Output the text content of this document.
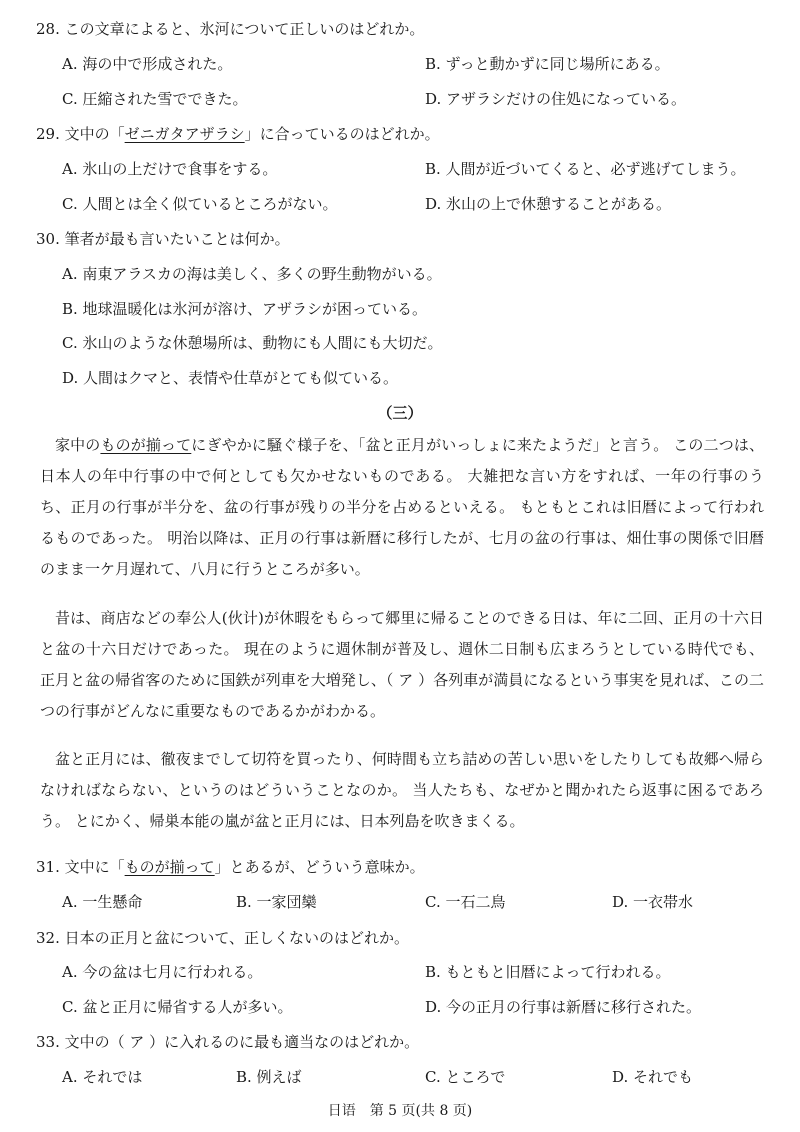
28. この文章によると、氷河について正しいのはどれか。
A. 海の中で形成された。	B. ずっと動かずに同じ場所にある。
C. 圧縮された雪でできた。	D. アザラシだけの住処になっている。
29. 文中の「ゼニガタアザラシ」に合っているのはどれか。
A. 氷山の上だけで食事をする。	B. 人間が近づいてくると、必ず逃げてしまう。
C. 人間とは全く似ているところがない。	D. 氷山の上で休憩することがある。
30. 筆者が最も言いたいことは何か。
A. 南東アラスカの海は美しく、多くの野生動物がいる。
B. 地球温暖化は氷河が溶け、アザラシが困っている。
C. 氷山のような休憩場所は、動物にも人間にも大切だ。
D. 人間はクマと、表情や仕草がとても似ている。
（三）
家中のものが揃ってにぎやかに騒ぐ様子を、「盆と正月がいっしょに来たようだ」と言う。 この二つは、日本人の年中行事の中で何としても欠かせないものである。 大雑把な言い方をすれば、一年の行事のうち、正月の行事が半分を、盆の行事が残りの半分を占めるといえる。 もともとこれは旧暦によって行われるものであった。 明治以降は、正月の行事は新暦に移行したが、七月の盆の行事は、畑仕事の関係で旧暦のまま一ケ月遅れて、八月に行うところが多い。
昔は、商店などの奉公人(伙计)が休暇をもらって郷里に帰ることのできる日は、年に二回、正月の十六日と盆の十六日だけであった。 現在のように週休制が普及し、週休二日制も広まろうとしている時代でも、正月と盆の帰省客のために国鉄が列車を大増発し、（ ア ）各列車が満員になるという事実を見れば、この二つの行事がどんなに重要なものであるかがわかる。
盆と正月には、徹夜までして切符を買ったり、何時間も立ち詰めの苦しい思いをしたりしても故郷へ帰らなければならない、というのはどういうことなのか。 当人たちも、なぜかと聞かれたら返事に困るであろう。 とにかく、帰巣本能の嵐が盆と正月には、日本列島を吹きまくる。
31. 文中に「ものが揃って」とあるが、どういう意味か。
A. 一生懸命	B. 一家団欒	C. 一石二鳥	D. 一衣帯水
32. 日本の正月と盆について、正しくないのはどれか。
A. 今の盆は七月に行われる。	B. もともと旧暦によって行われる。
C. 盆と正月に帰省する人が多い。	D. 今の正月の行事は新暦に移行された。
33. 文中の（ ア ）に入れるのに最も適当なのはどれか。
A. それでは	B. 例えば	C. ところで	D. それでも
日语　第 5 页(共 8 页)
